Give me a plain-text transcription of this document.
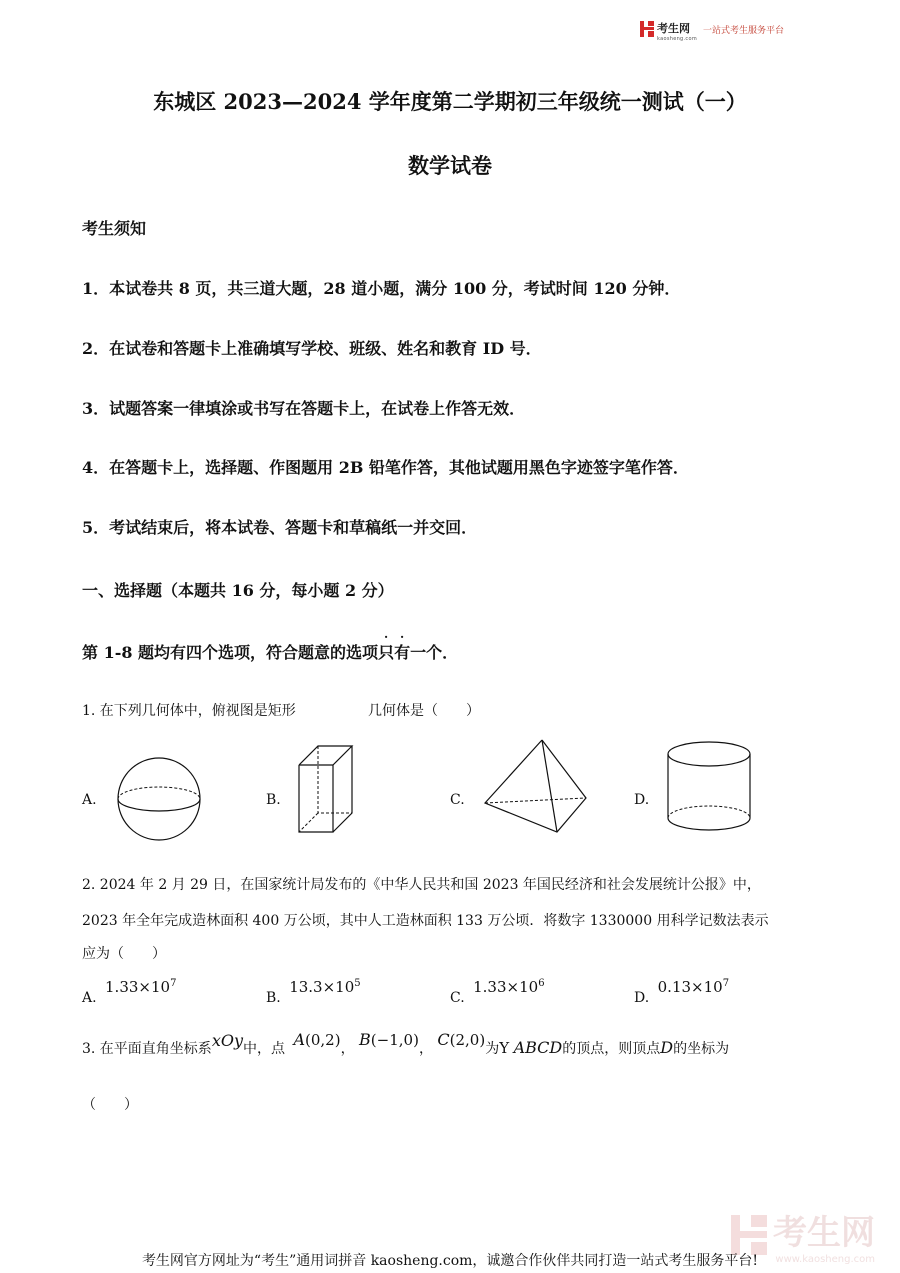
考生网
kaosheng.com
一站式考生服务平台
东城区 2023—2024 学年度第二学期初三年级统一测试（一）
数学试卷
考生须知
1．本试卷共 8 页，共三道大题，28 道小题，满分 100 分，考试时间 120 分钟．
2．在试卷和答题卡上准确填写学校、班级、姓名和教育 ID 号．
3．试题答案一律填涂或书写在答题卡上，在试卷上作答无效．
4．在答题卡上，选择题、作图题用 2B 铅笔作答，其他试题用黑色字迹签字笔作答．
5．考试结束后，将本试卷、答题卡和草稿纸一并交回．
一、选择题（本题共 16 分，每小题 2 分）
第 1-8 题均有四个选项，符合题意的选项只有一个．
1. 在下列几何体中，俯视图是矩形	几何体是（　　）
A.	B.	C.	D.
2. 2024 年 2 月 29 日，在国家统计局发布的《中华人民共和国 2023 年国民经济和社会发展统计公报》中，
2023 年全年完成造林面积 400 万公顷，其中人工造林面积 133 万公顷．将数字 1330000 用科学记数法表示
应为（　　）
A. $1.33\times 10^7$
B. $13.3\times 10^5$
C. $1.33\times 10^6$
D. $0.13\times 10^7$
3. 在平面直角坐标系xOy中，点 A(0,2)， B(−1,0)， C(2,0)为Y ABCD的顶点，则顶点D的坐标为
（　　）
考生网
www.kaosheng.com
考生网官方网址为“考生”通用词拼音 kaosheng.com，诚邀合作伙伴共同打造一站式考生服务平台!
